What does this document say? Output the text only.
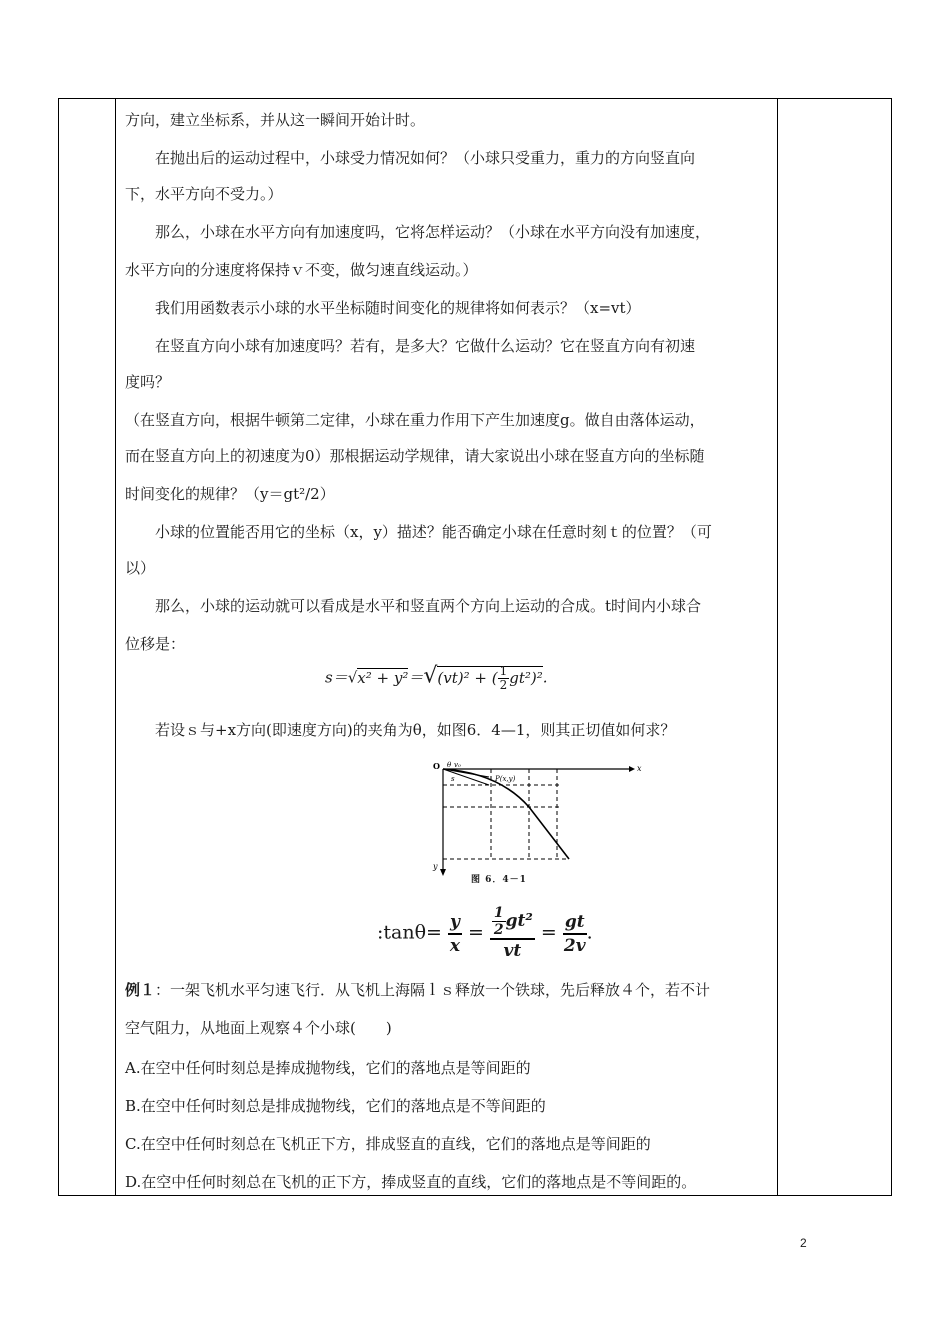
方向，建立坐标系，并从这一瞬间开始计时。
在抛出后的运动过程中，小球受力情况如何？（小球只受重力，重力的方向竖直向
下，水平方向不受力。）
那么，小球在水平方向有加速度吗，它将怎样运动？（小球在水平方向没有加速度，
水平方向的分速度将保持ｖ不变，做匀速直线运动。）
我们用函数表示小球的水平坐标随时间变化的规律将如何表示？（x=vt）
在竖直方向小球有加速度吗？若有，是多大？它做什么运动？它在竖直方向有初速
度吗？
（在竖直方向，根据牛顿第二定律，小球在重力作用下产生加速度g。做自由落体运动，
而在竖直方向上的初速度为0）那根据运动学规律，请大家说出小球在竖直方向的坐标随
时间变化的规律？（y＝gt²/2）
小球的位置能否用它的坐标（x，y）描述？能否确定小球在任意时刻ｔ的位置？（可
以）
那么，小球的运动就可以看成是水平和竖直两个方向上运动的合成。t时间内小球合
位移是：
s＝√x² + y²＝√(vt)² + ( $\frac{1}{2} gt^2)^2$.
若设ｓ与+x方向(即速度方向)的夹角为θ，如图6．4—1，则其正切值如何求？
O θ v₀
s	P(x,y)
x
y
图 6．4－1
:tanθ= $\frac{y}{x} = \frac{\frac{1}{2} gt^2}{vt} = \frac{gt}{2v}$ .
例１：一架飞机水平匀速飞行．从飞机上海隔ｌｓ释放一个铁球，先后释放４个，若不计
空气阻力，从地面上观察４个小球(　　)
A.在空中任何时刻总是捧成抛物线，它们的落地点是等间距的
B.在空中任何时刻总是排成抛物线，它们的落地点是不等间距的
C.在空中任何时刻总在飞机正下方，排成竖直的直线，它们的落地点是等间距的
D.在空中任何时刻总在飞机的正下方，捧成竖直的直线，它们的落地点是不等间距的。
2
